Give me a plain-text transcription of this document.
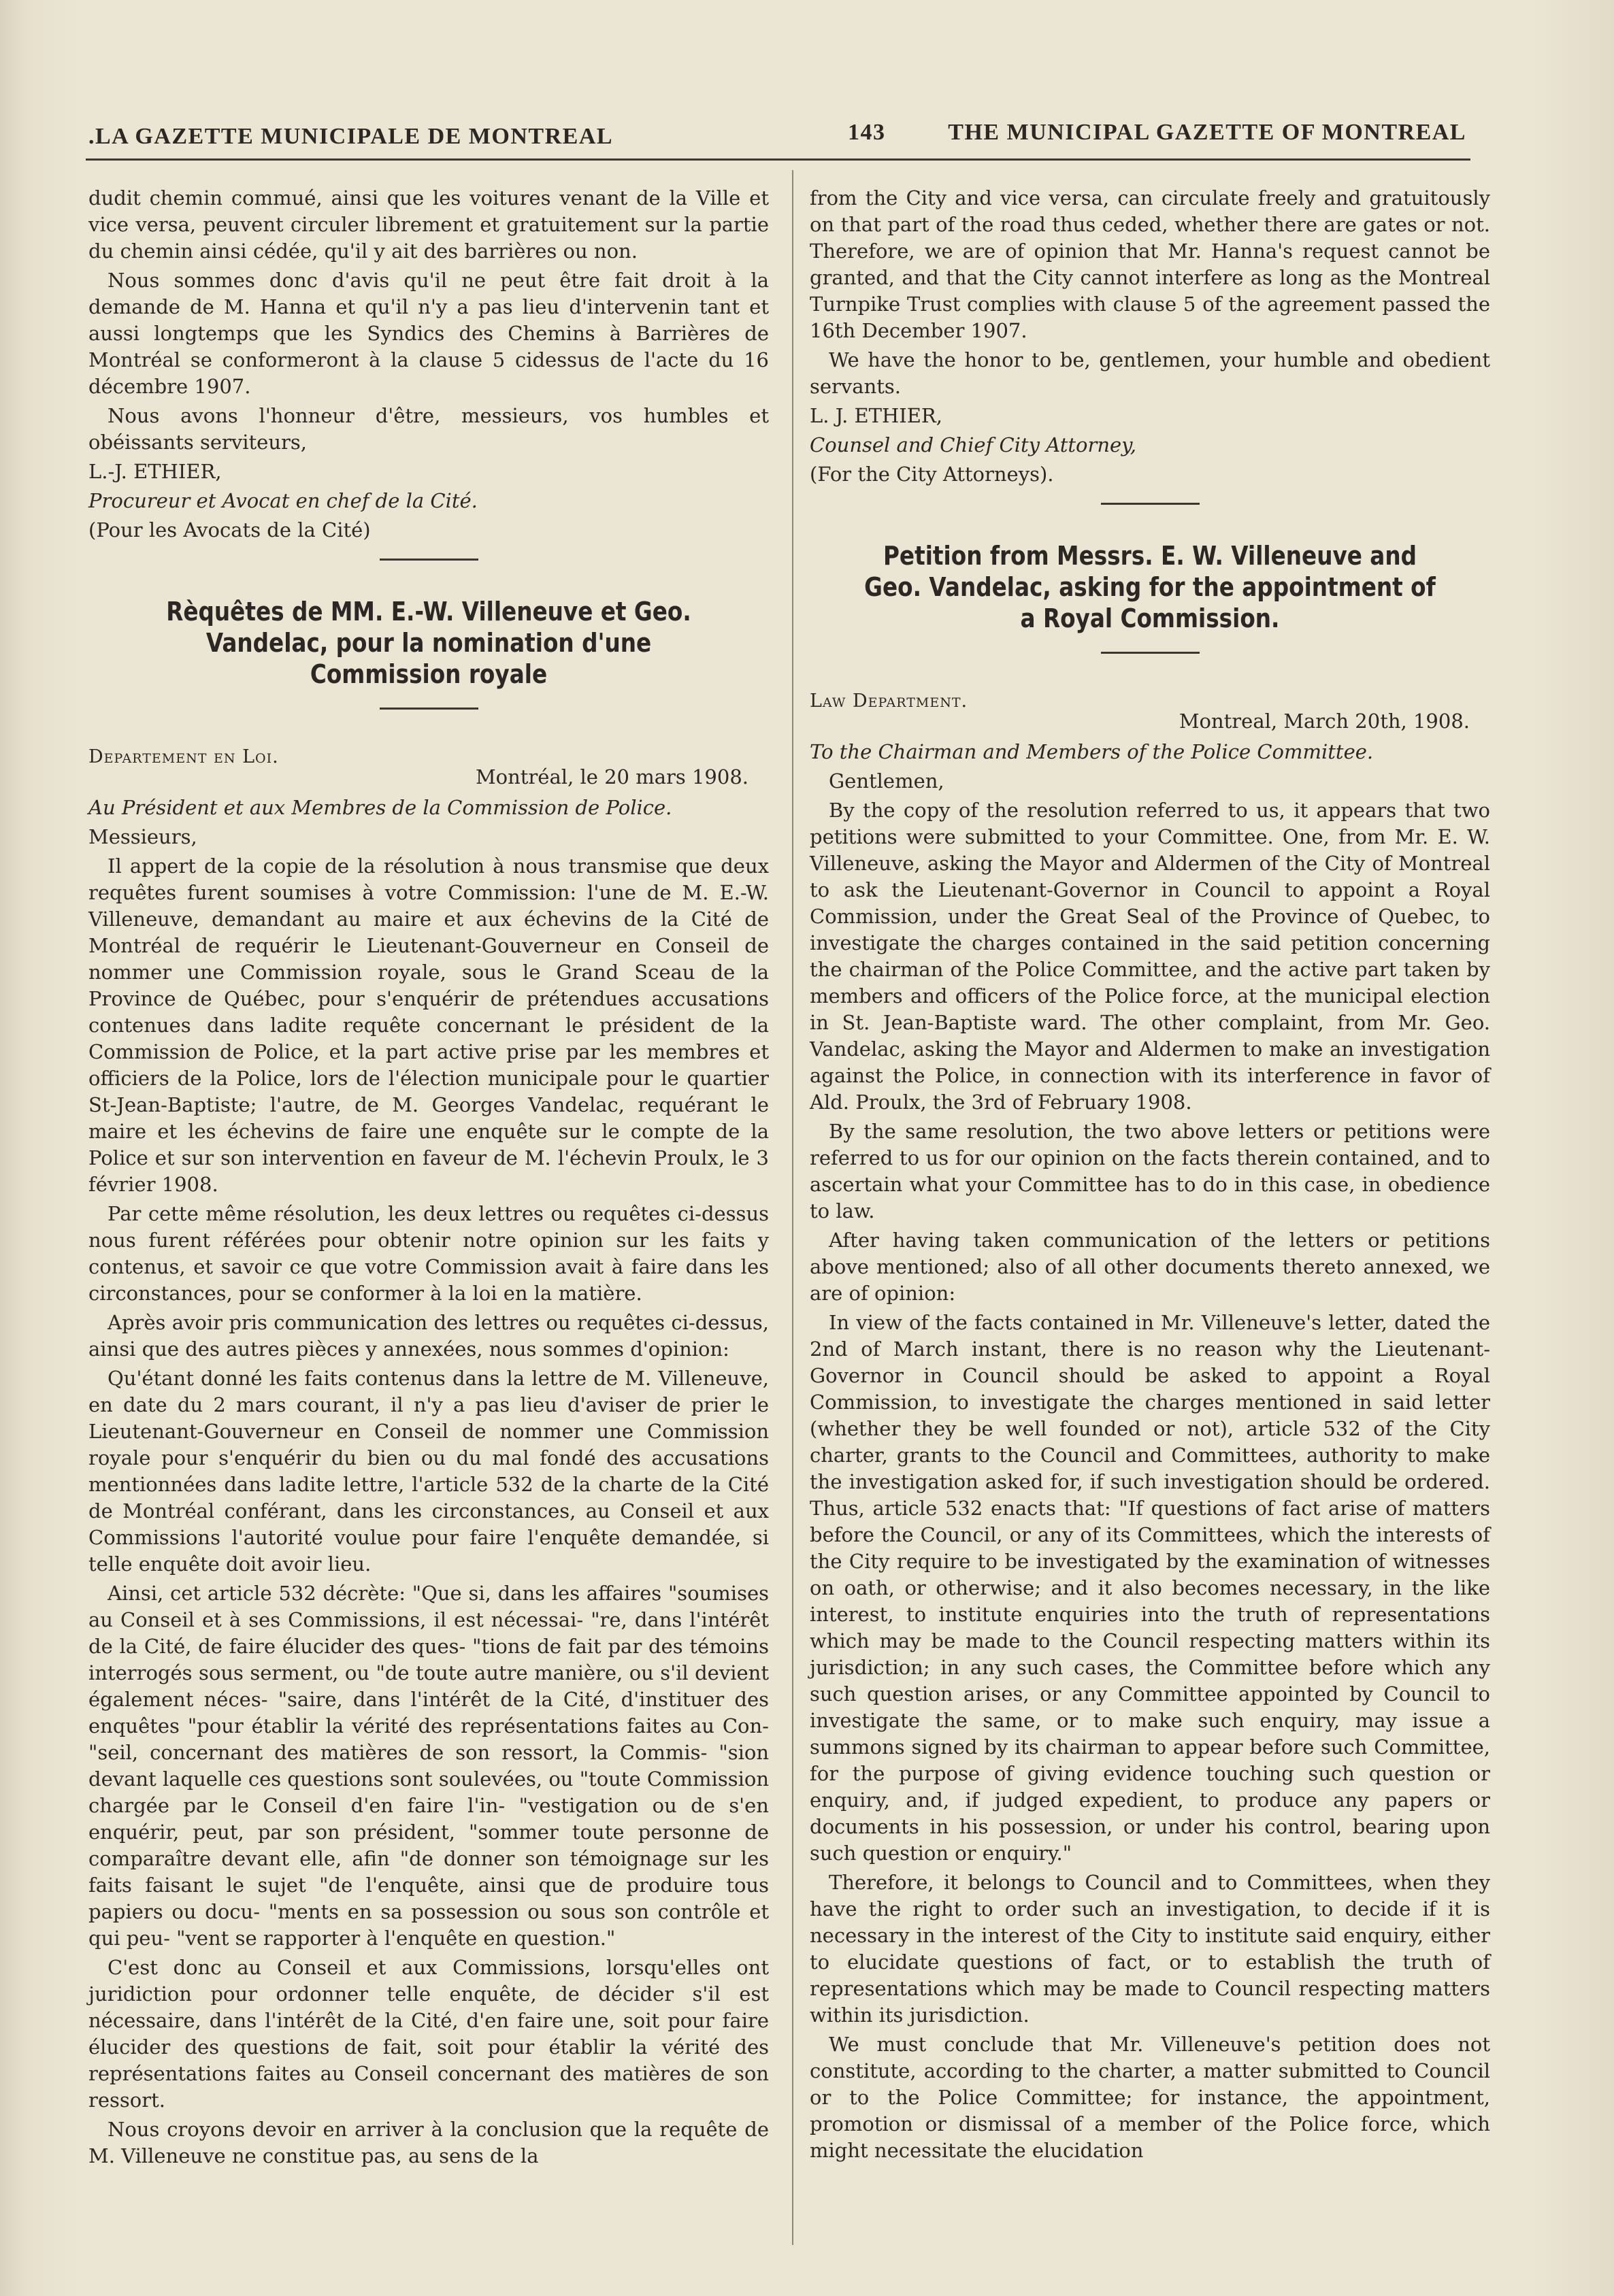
.LA GAZETTE MUNICIPALE DE MONTREAL	143	THE MUNICIPAL GAZETTE OF MONTREAL

dudit chemin commué, ainsi que les voitures venant de la Ville et vice versa, peuvent circuler librement et gratuitement sur la partie du chemin ainsi cédée, qu'il y ait des barrières ou non.

Nous sommes donc d'avis qu'il ne peut être fait droit à la demande de M. Hanna et qu'il n'y a pas lieu d'intervenin tant et aussi longtemps que les Syndics des Chemins à Barrières de Montréal se conformeront à la clause 5 cidessus de l'acte du 16 décembre 1907.

Nous avons l'honneur d'être, messieurs, vos humbles et obéissants serviteurs,

L.-J. ETHIER,

Procureur et Avocat en chef de la Cité.

(Pour les Avocats de la Cité)

Rèquêtes de MM. E.-W. Villeneuve et Geo. Vandelac, pour la nomination d'une Commission royale
Departement en Loi.
Montréal, le 20 mars 1908.

Au Président et aux Membres de la Commission de Police.

Messieurs,

Il appert de la copie de la résolution à nous transmise que deux requêtes furent soumises à votre Commission: l'une de M. E.-W. Villeneuve, demandant au maire et aux échevins de la Cité de Montréal de requérir le Lieutenant-Gouverneur en Conseil de nommer une Commission royale, sous le Grand Sceau de la Province de Québec, pour s'enquérir de prétendues accusations contenues dans ladite requête concernant le président de la Commission de Police, et la part active prise par les membres et officiers de la Police, lors de l'élection municipale pour le quartier St-Jean-Baptiste; l'autre, de M. Georges Vandelac, requérant le maire et les échevins de faire une enquête sur le compte de la Police et sur son intervention en faveur de M. l'échevin Proulx, le 3 février 1908.

Par cette même résolution, les deux lettres ou requêtes ci-dessus nous furent référées pour obtenir notre opinion sur les faits y contenus, et savoir ce que votre Commission avait à faire dans les circonstances, pour se conformer à la loi en la matière.

Après avoir pris communication des lettres ou requêtes ci-dessus, ainsi que des autres pièces y annexées, nous sommes d'opinion:

Qu'étant donné les faits contenus dans la lettre de M. Villeneuve, en date du 2 mars courant, il n'y a pas lieu d'aviser de prier le Lieutenant-Gouverneur en Conseil de nommer une Commission royale pour s'enquérir du bien ou du mal fondé des accusations mentionnées dans ladite lettre, l'article 532 de la charte de la Cité de Montréal conférant, dans les circonstances, au Conseil et aux Commissions l'autorité voulue pour faire l'enquête demandée, si telle enquête doit avoir lieu.

Ainsi, cet article 532 décrète: "Que si, dans les affaires "soumises au Conseil et à ses Commissions, il est nécessai- "re, dans l'intérêt de la Cité, de faire élucider des ques- "tions de fait par des témoins interrogés sous serment, ou "de toute autre manière, ou s'il devient également néces- "saire, dans l'intérêt de la Cité, d'instituer des enquêtes "pour établir la vérité des représentations faites au Con- "seil, concernant des matières de son ressort, la Commis- "sion devant laquelle ces questions sont soulevées, ou "toute Commission chargée par le Conseil d'en faire l'in- "vestigation ou de s'en enquérir, peut, par son président, "sommer toute personne de comparaître devant elle, afin "de donner son témoignage sur les faits faisant le sujet "de l'enquête, ainsi que de produire tous papiers ou docu- "ments en sa possession ou sous son contrôle et qui peu- "vent se rapporter à l'enquête en question."

C'est donc au Conseil et aux Commissions, lorsqu'elles ont juridiction pour ordonner telle enquête, de décider s'il est nécessaire, dans l'intérêt de la Cité, d'en faire une, soit pour faire élucider des questions de fait, soit pour établir la vérité des représentations faites au Conseil concernant des matières de son ressort.

Nous croyons devoir en arriver à la conclusion que la requête de M. Villeneuve ne constitue pas, au sens de la

from the City and vice versa, can circulate freely and gratuitously on that part of the road thus ceded, whether there are gates or not. Therefore, we are of opinion that Mr. Hanna's request cannot be granted, and that the City cannot interfere as long as the Montreal Turnpike Trust complies with clause 5 of the agreement passed the 16th December 1907.

We have the honor to be, gentlemen, your humble and obedient servants.

L. J. ETHIER,

Counsel and Chief City Attorney,

(For the City Attorneys).

Petition from Messrs. E. W. Villeneuve and Geo. Vandelac, asking for the appointment of a Royal Commission.
Law Department.
Montreal, March 20th, 1908.

To the Chairman and Members of the Police Committee.

Gentlemen,

By the copy of the resolution referred to us, it appears that two petitions were submitted to your Committee. One, from Mr. E. W. Villeneuve, asking the Mayor and Aldermen of the City of Montreal to ask the Lieutenant-Governor in Council to appoint a Royal Commission, under the Great Seal of the Province of Quebec, to investigate the charges contained in the said petition concerning the chairman of the Police Committee, and the active part taken by members and officers of the Police force, at the municipal election in St. Jean-Baptiste ward. The other complaint, from Mr. Geo. Vandelac, asking the Mayor and Aldermen to make an investigation against the Police, in connection with its interference in favor of Ald. Proulx, the 3rd of February 1908.

By the same resolution, the two above letters or petitions were referred to us for our opinion on the facts therein contained, and to ascertain what your Committee has to do in this case, in obedience to law.

After having taken communication of the letters or petitions above mentioned; also of all other documents thereto annexed, we are of opinion:

In view of the facts contained in Mr. Villeneuve's letter, dated the 2nd of March instant, there is no reason why the Lieutenant-Governor in Council should be asked to appoint a Royal Commission, to investigate the charges mentioned in said letter (whether they be well founded or not), article 532 of the City charter, grants to the Council and Committees, authority to make the investigation asked for, if such investigation should be ordered. Thus, article 532 enacts that: "If questions of fact arise of matters before the Council, or any of its Committees, which the interests of the City require to be investigated by the examination of witnesses on oath, or otherwise; and it also becomes necessary, in the like interest, to institute enquiries into the truth of representations which may be made to the Council respecting matters within its jurisdiction; in any such cases, the Committee before which any such question arises, or any Committee appointed by Council to investigate the same, or to make such enquiry, may issue a summons signed by its chairman to appear before such Committee, for the purpose of giving evidence touching such question or enquiry, and, if judged expedient, to produce any papers or documents in his possession, or under his control, bearing upon such question or enquiry."

Therefore, it belongs to Council and to Committees, when they have the right to order such an investigation, to decide if it is necessary in the interest of the City to institute said enquiry, either to elucidate questions of fact, or to establish the truth of representations which may be made to Council respecting matters within its jurisdiction.

We must conclude that Mr. Villeneuve's petition does not constitute, according to the charter, a matter submitted to Council or to the Police Committee; for instance, the appointment, promotion or dismissal of a member of the Police force, which might necessitate the elucidation
